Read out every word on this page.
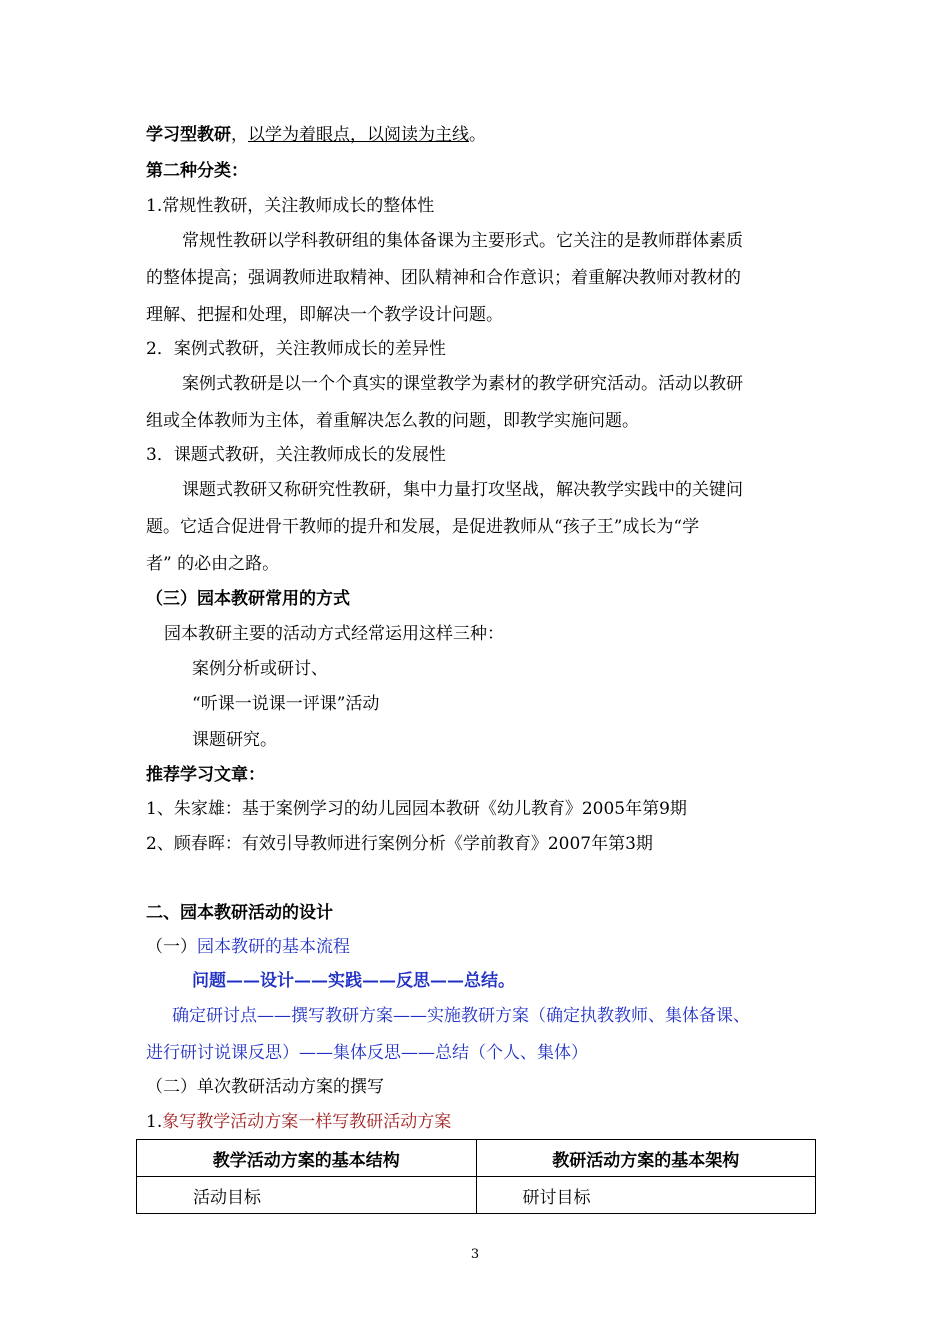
学习型教研，以学为着眼点，以阅读为主线。
第二种分类：
1.常规性教研，关注教师成长的整体性
常规性教研以学科教研组的集体备课为主要形式。它关注的是教师群体素质
的整体提高；强调教师进取精神、团队精神和合作意识；着重解决教师对教材的
理解、把握和处理，即解决一个教学设计问题。
2．案例式教研，关注教师成长的差异性
案例式教研是以一个个真实的课堂教学为素材的教学研究活动。活动以教研
组或全体教师为主体，着重解决怎么教的问题，即教学实施问题。
3．课题式教研，关注教师成长的发展性
课题式教研又称研究性教研，集中力量打攻坚战，解决教学实践中的关键问
题。它适合促进骨干教师的提升和发展，是促进教师从“孩子王”成长为“学
者” 的必由之路。
（三）园本教研常用的方式
园本教研主要的活动方式经常运用这样三种：
案例分析或研讨、
“听课一说课一评课”活动
课题研究。
推荐学习文章：
1、朱家雄：基于案例学习的幼儿园园本教研《幼儿教育》2005年第9期
2、顾春晖：有效引导教师进行案例分析《学前教育》2007年第3期
二、园本教研活动的设计
（一）园本教研的基本流程
问题——设计——实践——反思——总结。
确定研讨点——撰写教研方案——实施教研方案（确定执教教师、集体备课、
进行研讨说课反思）——集体反思——总结（个人、集体）
（二）单次教研活动方案的撰写
1.象写教学活动方案一样写教研活动方案
教学活动方案的基本结构	教研活动方案的基本架构
活动目标	研讨目标
3
